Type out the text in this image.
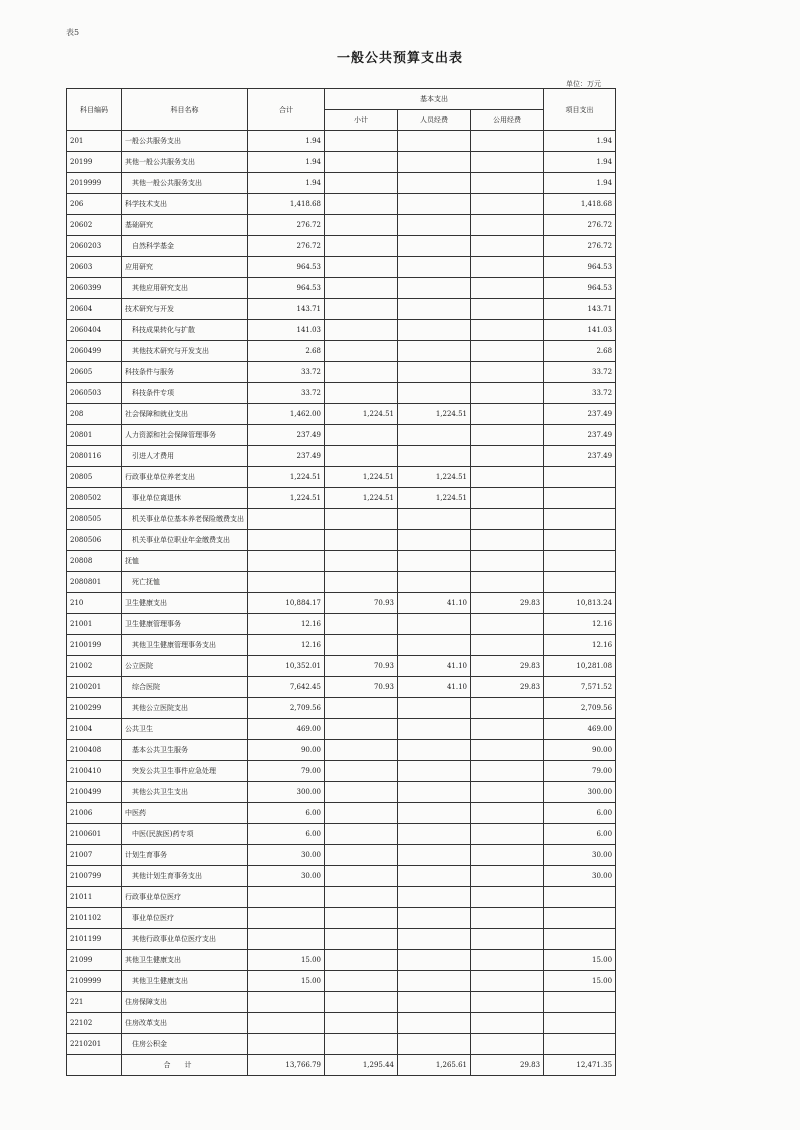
表5
一般公共预算支出表
单位：万元
科目编码	科目名称	合计	基本支出			项目支出
			小计	人员经费	公用经费	
201	一般公共服务支出	1.94				1.94
20199	其他一般公共服务支出	1.94				1.94
2019999	其他一般公共服务支出	1.94				1.94
206	科学技术支出	1,418.68				1,418.68
20602	基础研究	276.72				276.72
2060203	自然科学基金	276.72				276.72
20603	应用研究	964.53				964.53
2060399	其他应用研究支出	964.53				964.53
20604	技术研究与开发	143.71				143.71
2060404	科技成果转化与扩散	141.03				141.03
2060499	其他技术研究与开发支出	2.68				2.68
20605	科技条件与服务	33.72				33.72
2060503	科技条件专项	33.72				33.72
208	社会保障和就业支出	1,462.00	1,224.51	1,224.51		237.49
20801	人力资源和社会保障管理事务	237.49				237.49
2080116	引进人才费用	237.49				237.49
20805	行政事业单位养老支出	1,224.51	1,224.51	1,224.51		
2080502	事业单位离退休	1,224.51	1,224.51	1,224.51		
2080505	机关事业单位基本养老保险缴费支出					
2080506	机关事业单位职业年金缴费支出					
20808	抚恤					
2080801	死亡抚恤					
210	卫生健康支出	10,884.17	70.93	41.10	29.83	10,813.24
21001	卫生健康管理事务	12.16				12.16
2100199	其他卫生健康管理事务支出	12.16				12.16
21002	公立医院	10,352.01	70.93	41.10	29.83	10,281.08
2100201	综合医院	7,642.45	70.93	41.10	29.83	7,571.52
2100299	其他公立医院支出	2,709.56				2,709.56
21004	公共卫生	469.00				469.00
2100408	基本公共卫生服务	90.00				90.00
2100410	突发公共卫生事件应急处理	79.00				79.00
2100499	其他公共卫生支出	300.00				300.00
21006	中医药	6.00				6.00
2100601	中医(民族医)药专项	6.00				6.00
21007	计划生育事务	30.00				30.00
2100799	其他计划生育事务支出	30.00				30.00
21011	行政事业单位医疗					
2101102	事业单位医疗					
2101199	其他行政事业单位医疗支出					
21099	其他卫生健康支出	15.00				15.00
2109999	其他卫生健康支出	15.00				15.00
221	住房保障支出					
22102	住房改革支出					
2210201	住房公积金					
	合计	13,766.79	1,295.44	1,265.61	29.83	12,471.35
